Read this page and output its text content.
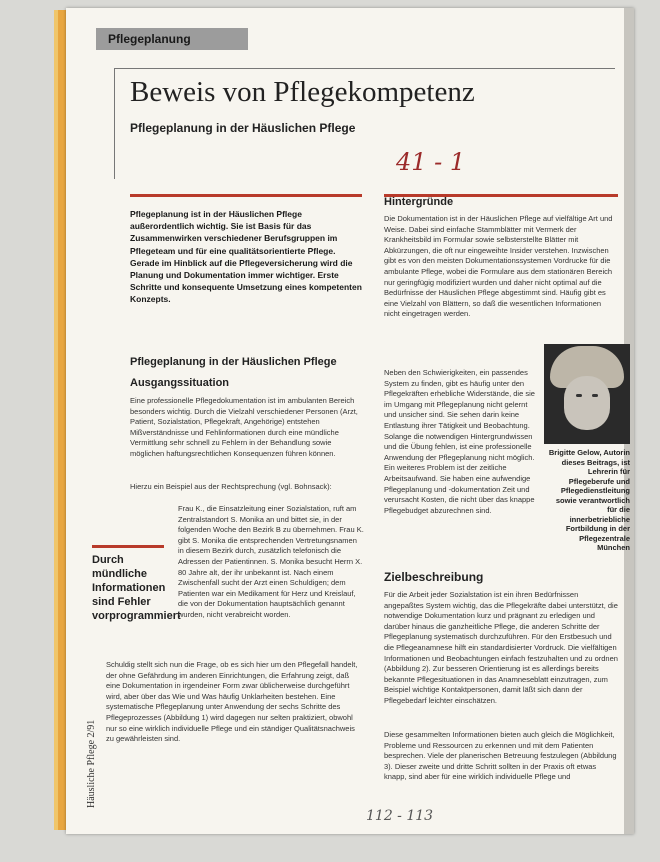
Pflegeplanung
Beweis von Pflegekompetenz
Pflegeplanung in der Häuslichen Pflege
41 - 1
Pflegeplanung ist in der Häuslichen Pflege außerordentlich wichtig. Sie ist Basis für das Zusammenwirken verschiedener Berufsgruppen im Pflegeteam und für eine qualitätsorientierte Pflege. Gerade im Hinblick auf die Pflegeversicherung wird die Planung und Dokumentation immer wichtiger. Erste Schritte und konsequente Umsetzung eines kompetenten Konzepts.
Pflegeplanung in der Häuslichen Pflege
Ausgangssituation
Eine professionelle Pflegedokumentation ist im ambulanten Bereich besonders wichtig. Durch die Vielzahl verschiedener Personen (Arzt, Patient, Sozialstation, Pflegekraft, Angehörige) entstehen Mißverständnisse und Fehlinformationen durch eine mündliche Vermittlung sehr schnell zu Fehlern in der Behandlung sowie möglichen haftungsrechtlichen Konsequenzen führen können.
Hierzu ein Beispiel aus der Rechtsprechung (vgl. Bohnsack):
Durch mündliche Informationen sind Fehler vorprogrammiert
Frau K., die Einsatzleitung einer Sozialstation, ruft am Zentralstandort S. Monika an und bittet sie, in der folgenden Woche den Bezirk B zu übernehmen. Frau K. gibt S. Monika die entsprechenden Vertretungsnamen in diesem Bezirk durch, zusätzlich telefonisch die Adressen der Patientinnen. S. Monika besucht Herrn X. 80 Jahre alt, der ihr unbekannt ist. Nach einem Zwischenfall sucht der Arzt einen Schuldigen; dem Patienten war ein Medikament für Herz und Kreislauf, die von der Dokumentation hauptsächlich genannt wurden, nicht verabreicht worden.
Schuldig stellt sich nun die Frage, ob es sich hier um den Pflegefall handelt, der ohne Gefährdung im anderen Einrichtungen, die Erfahrung zeigt, daß eine Dokumentation in irgendeiner Form zwar üblicherweise durchgeführt wird, aber über das Wie und Was häufig Unklarheiten bestehen. Eine systematische Pflegeplanung unter Anwendung der sechs Schritte des Pflegeprozesses (Abbildung 1) wird dagegen nur selten praktiziert, obwohl nur so eine wirklich individuelle Pflege und ein ständiger Qualitätsnachweis zu gewährleisten sind.
Hintergründe
Die Dokumentation ist in der Häuslichen Pflege auf vielfältige Art und Weise. Dabei sind einfache Stammblätter mit Vermerk der Krankheitsbild im Formular sowie selbsterstellte Blätter mit Abkürzungen, die oft nur eingeweihte Insider verstehen. Inzwischen gibt es von den meisten Dokumentationssystemen Vordrucke für die ambulante Pflege, wobei die Formulare aus dem stationären Bereich nur geringfügig modifiziert wurden und daher nicht optimal auf die Bedürfnisse der Häuslichen Pflege abgestimmt sind. Häufig gibt es eine Vielzahl von Blättern, so daß die wesentlichen Informationen nicht eingetragen werden.
Neben den Schwierigkeiten, ein passendes System zu finden, gibt es häufig unter den Pflegekräften erhebliche Widerstände, die sie im Umgang mit Pflegeplanung nicht gelernt und unsicher sind. Sie sehen darin keine Entlastung ihrer Tätigkeit und Beobachtung. Solange die notwendigen Hintergrundwissen und die Übung fehlen, ist eine professionelle Anwendung der Pflegeplanung nicht möglich. Ein weiteres Problem ist der zeitliche Arbeitsaufwand. Sie haben eine aufwendige Pflegeplanung und -dokumentation Zeit und verursacht Kosten, die nicht über das knappe Pflegebudget abzurechnen sind.
Brigitte Gelow, Autorin dieses Beitrags, ist Lehrerin für Pflegeberufe und Pflegedienstleitung sowie verantwortlich für die innerbetriebliche Fortbildung in der Pflegezentrale München
Zielbeschreibung
Für die Arbeit jeder Sozialstation ist ein ihren Bedürfnissen angepaßtes System wichtig, das die Pflegekräfte dabei unterstützt, die notwendige Dokumentation kurz und prägnant zu erledigen und darüber hinaus die ganzheitliche Pflege, die anderen Schritte der Pflegeplanung systematisch durchzuführen. Für den Erstbesuch und die Pflegeanamnese hilft ein standardisierter Vordruck. Die vielfältigen Informationen und Beobachtungen einfach festzuhalten und zu ordnen (Abbildung 2). Zur besseren Orientierung ist es allerdings bereits bekannte Pflegesituationen in das Anamneseblatt einzutragen, zum Beispiel wichtige Kontaktpersonen, damit läßt sich dann der Pflegebedarf leichter einschätzen.
Diese gesammelten Informationen bieten auch gleich die Möglichkeit, Probleme und Ressourcen zu erkennen und mit dem Patienten besprechen. Viele der planerischen Betreuung festzulegen (Abbildung 3). Dieser zweite und dritte Schritt sollten in der Praxis oft etwas knapp, sind aber für eine wirklich individuelle Pflege und
Häusliche Pflege 2/91
112 - 113
